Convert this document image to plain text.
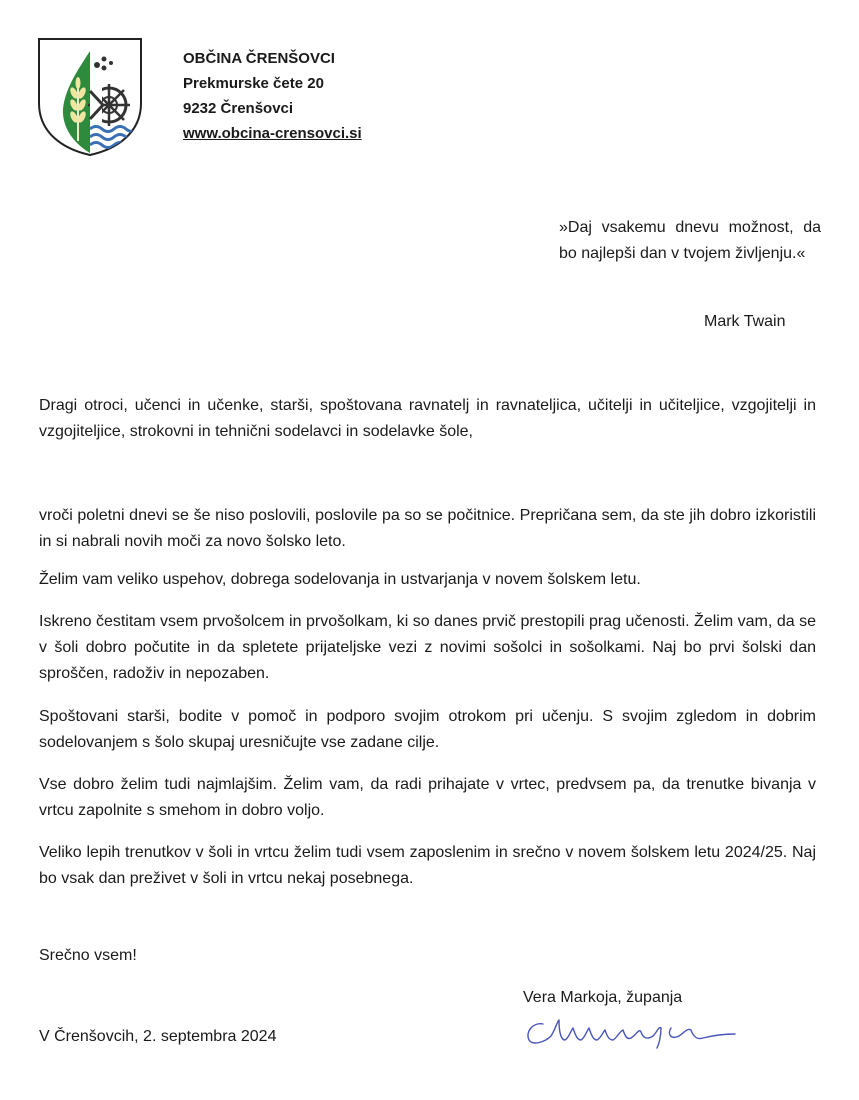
OBČINA ČRENŠOVCI
Prekmurske čete 20
9232 Črenšovci
www.obcina-crensovci.si
»Daj vsakemu dnevu možnost, da bo najlepši dan v tvojem življenju.«
Mark Twain

Dragi otroci, učenci in učenke, starši, spoštovana ravnatelj in ravnateljica, učitelji in učiteljice, vzgojitelji in vzgojiteljice, strokovni in tehnični sodelavci in sodelavke šole,

vroči poletni dnevi se še niso poslovili, poslovile pa so se počitnice. Prepričana sem, da ste jih dobro izkoristili in si nabrali novih moči za novo šolsko leto.

Želim vam veliko uspehov, dobrega sodelovanja in ustvarjanja v novem šolskem letu.

Iskreno čestitam vsem prvošolcem in prvošolkam, ki so danes prvič prestopili prag učenosti. Želim vam, da se v šoli dobro počutite in da spletete prijateljske vezi z novimi sošolci in sošolkami. Naj bo prvi šolski dan sproščen, radoživ in nepozaben.

Spoštovani starši, bodite v pomoč in podporo svojim otrokom pri učenju. S svojim zgledom in dobrim sodelovanjem s šolo skupaj uresničujte vse zadane cilje.

Vse dobro želim tudi najmlajšim. Želim vam, da radi prihajate v vrtec, predvsem pa, da trenutke bivanja v vrtcu zapolnite s smehom in dobro voljo.

Veliko lepih trenutkov v šoli in vrtcu želim tudi vsem zaposlenim in srečno v novem šolskem letu 2024/25. Naj bo vsak dan preživet v šoli in vrtcu nekaj posebnega.

Srečno vsem!
Vera Markoja, županja
V Črenšovcih, 2. septembra 2024
